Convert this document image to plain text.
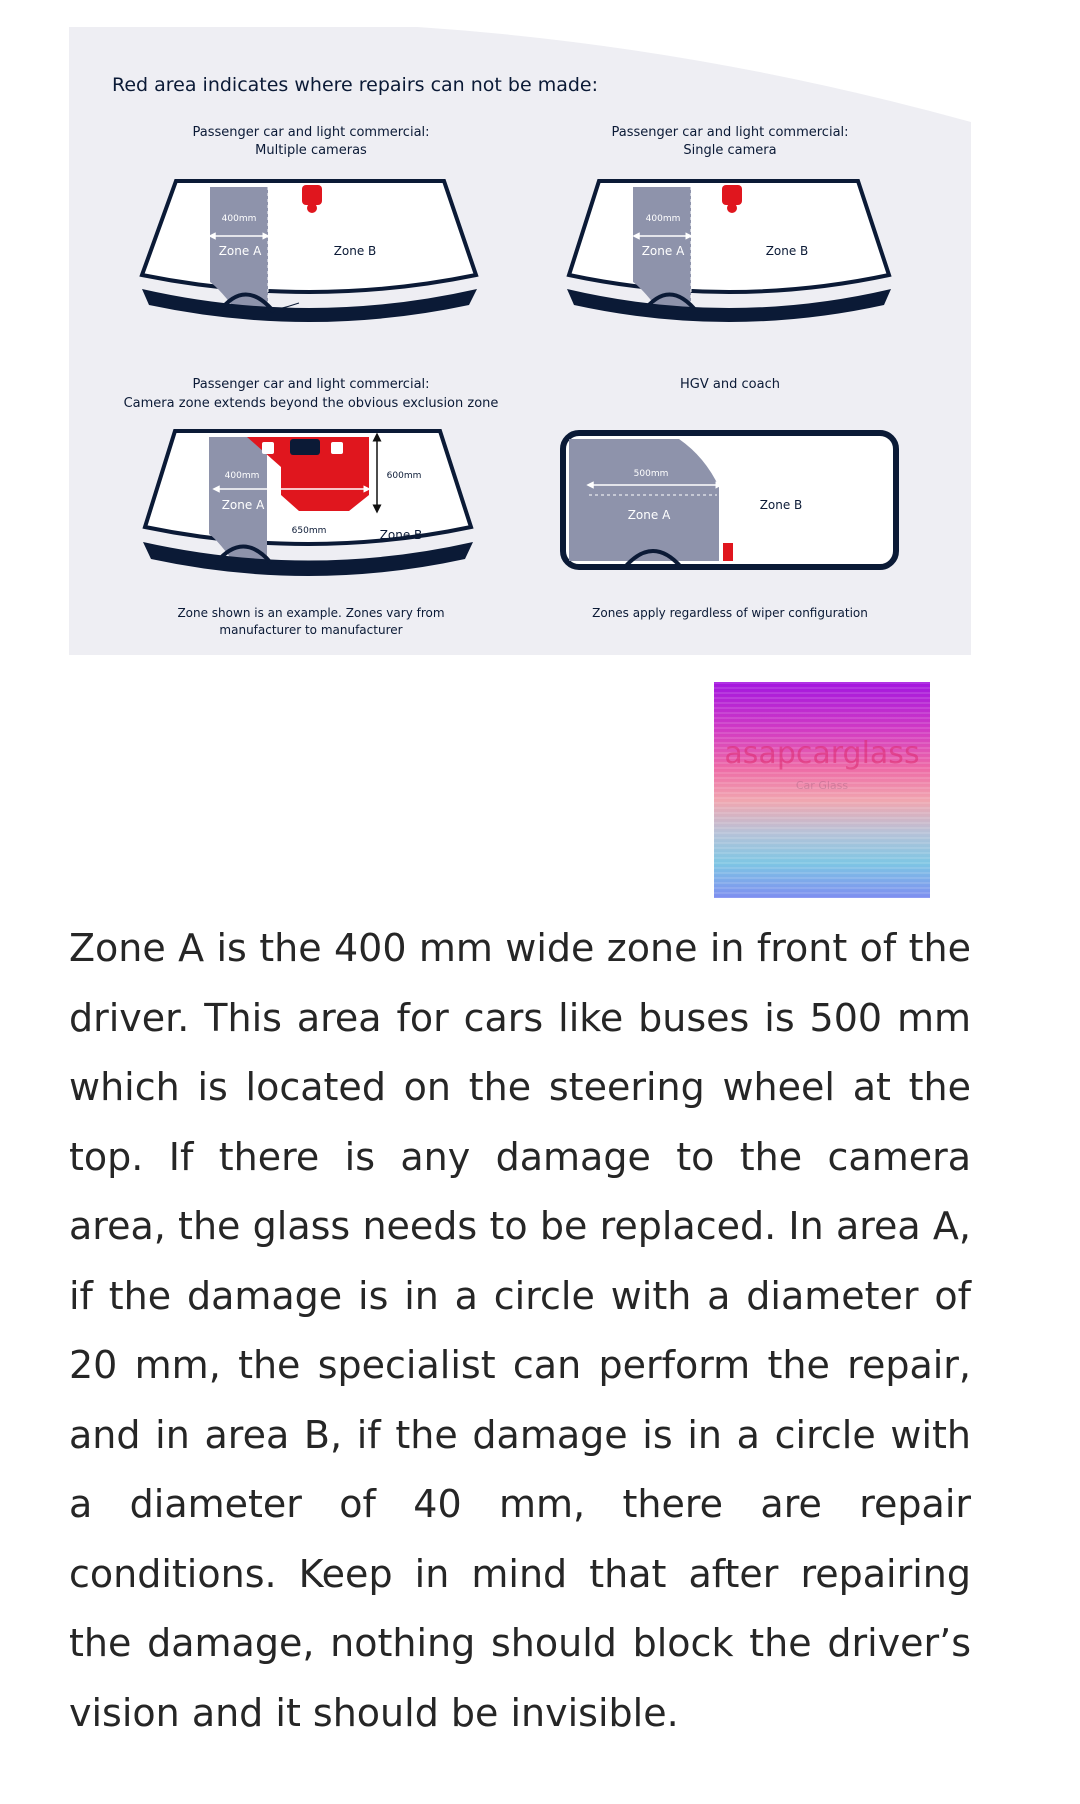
Red area indicates where repairs can not be made:
Passenger car and light commercial:
Multiple cameras
400mm
Zone A	Zone B
Passenger car and light commercial:
Single camera
400mm
Zone A	Zone B
Passenger car and light commercial:
Camera zone extends beyond the obvious exclusion zone
600mm
400mm
650mm
Zone A
Zone B
Zone shown is an example. Zones vary from
manufacturer to manufacturer
HGV and coach
500mm
Zone A
Zone B
Zones apply regardless of wiper configuration
asapcarglass
Car Glass

Zone A is the 400 mm wide zone in front of the driver. This area for cars like buses is 500 mm which is located on the steering wheel at the top. If there is any damage to the camera area, the glass needs to be replaced. In area A, if the damage is in a circle with a diameter of 20 mm, the specialist can perform the repair, and in area B, if the damage is in a circle with a diameter of 40 mm, there are repair conditions. Keep in mind that after repairing the damage, nothing should block the driver’s vision and it should be invisible.
